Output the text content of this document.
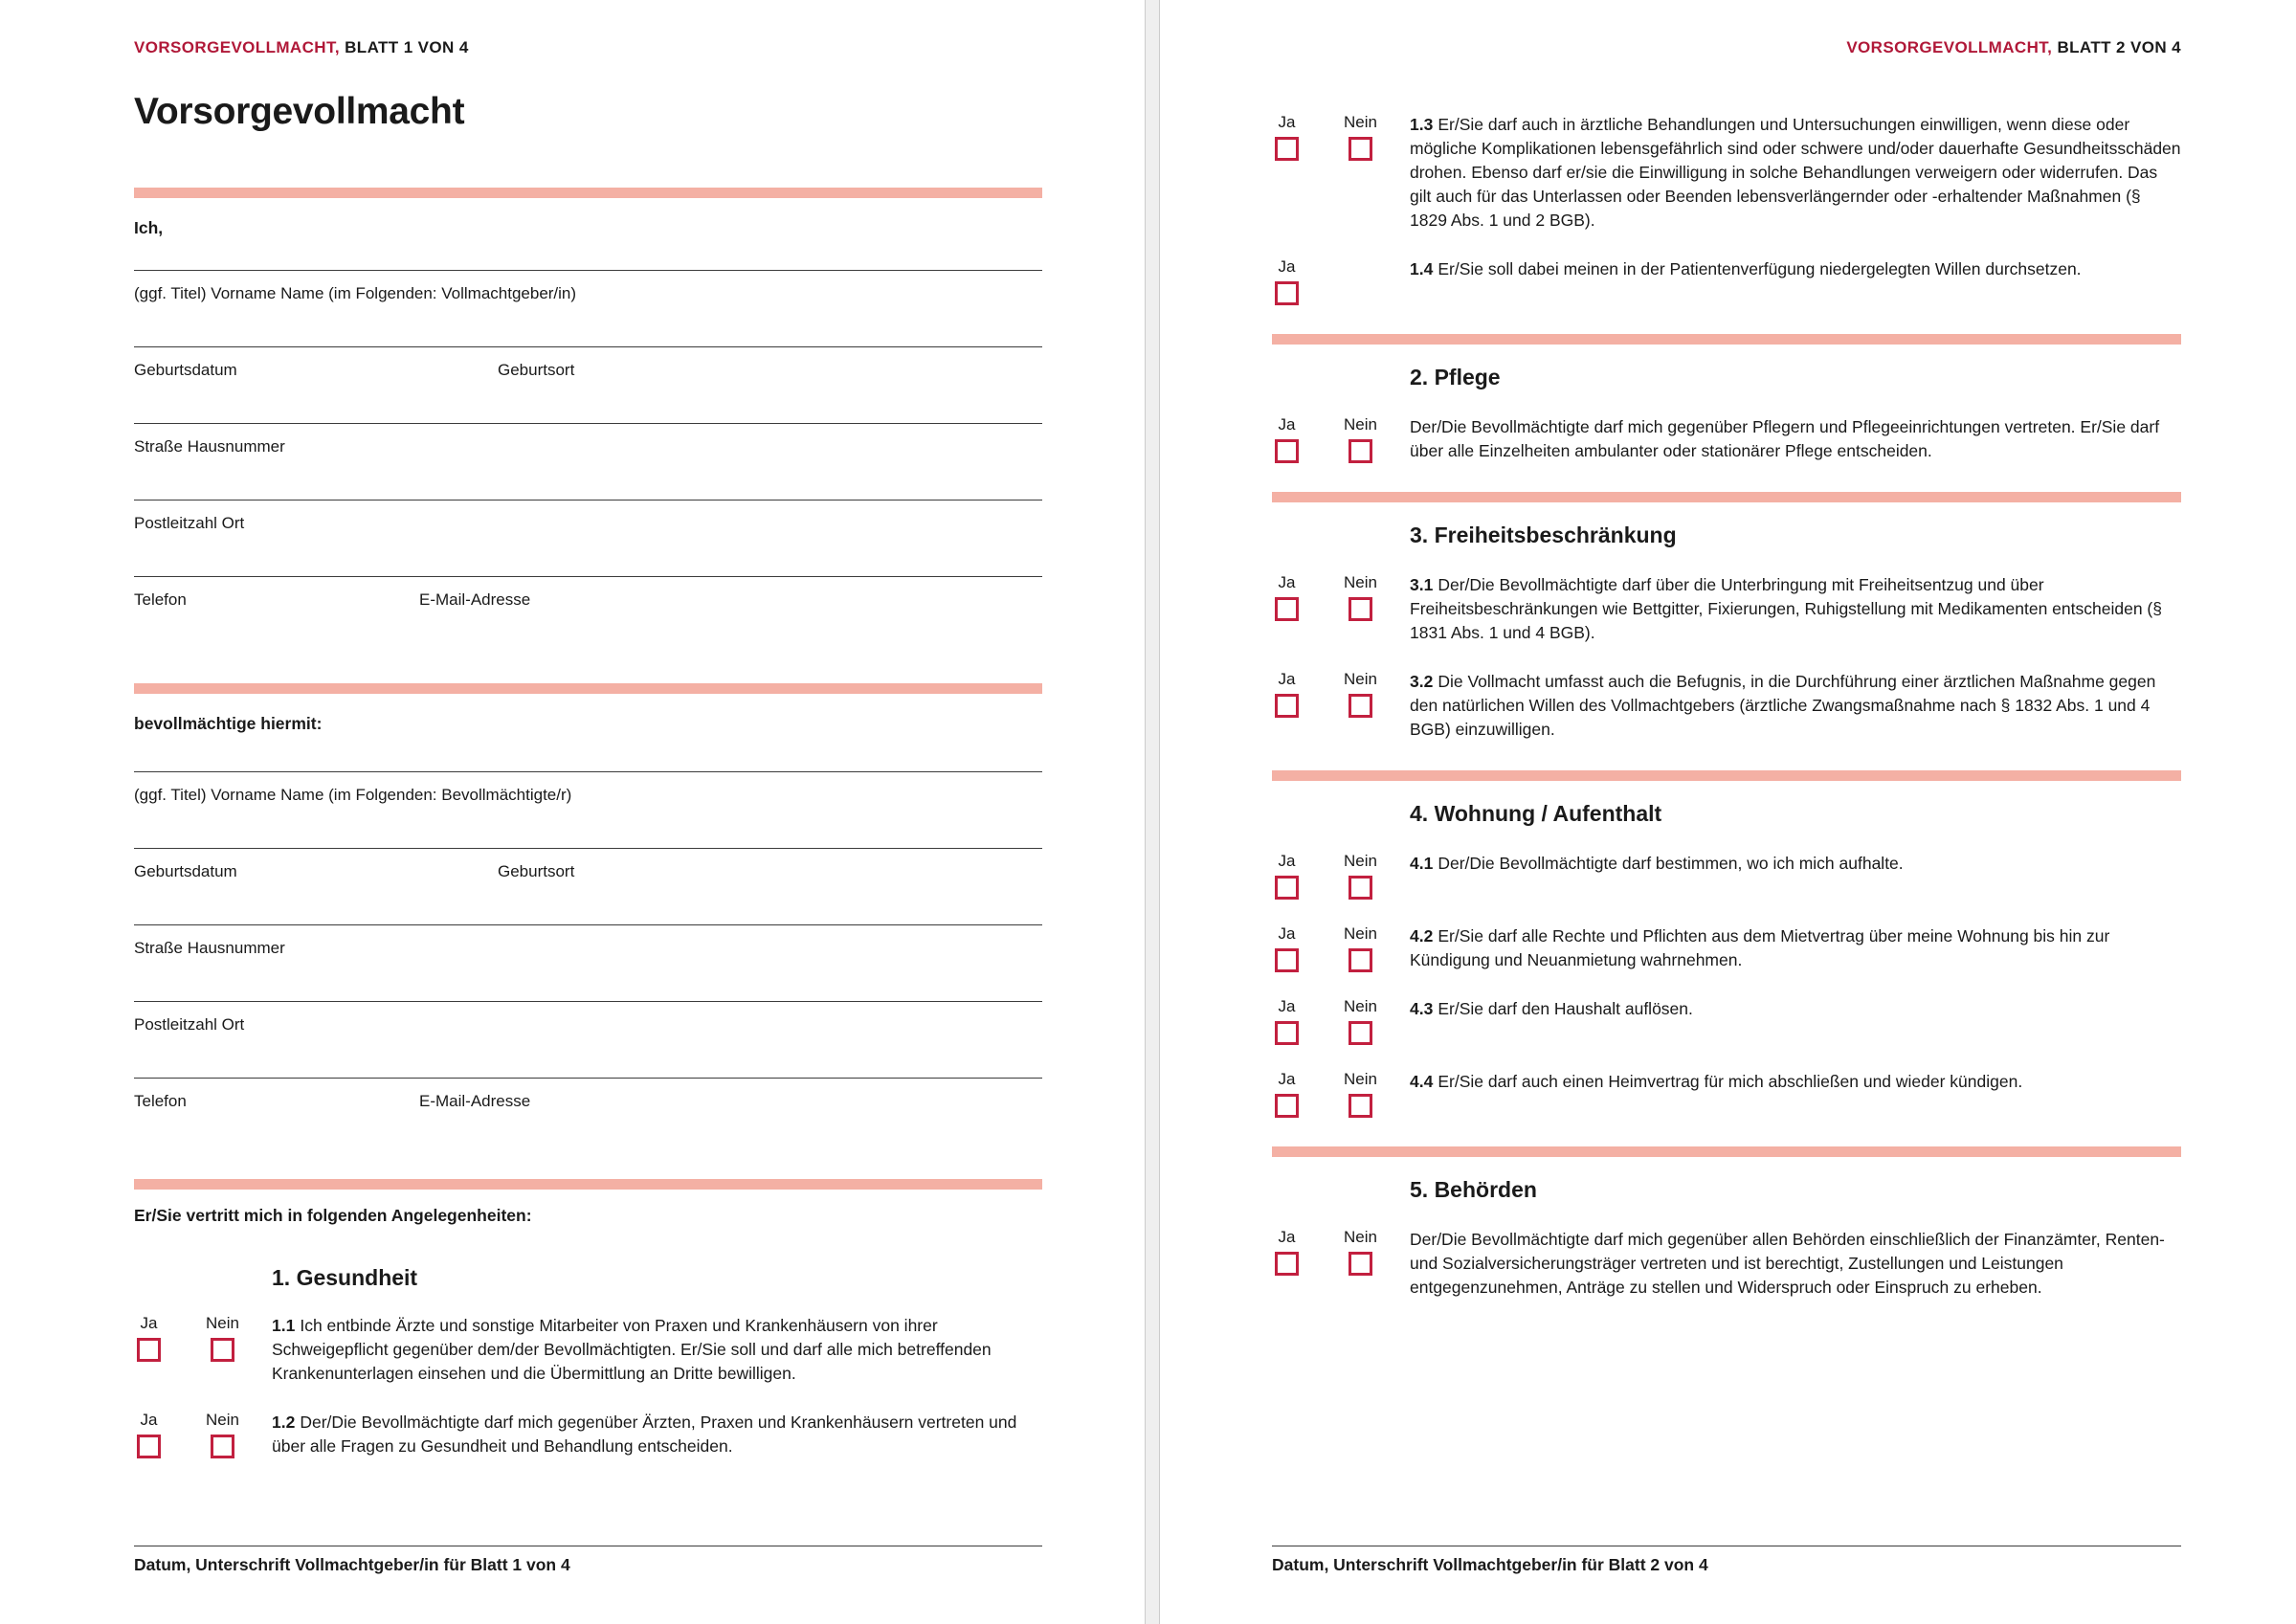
VORSORGEVOLLMACHT, BLATT 1 VON 4
Vorsorgevollmacht
Ich,
(ggf. Titel) Vorname Name (im Folgenden: Vollmachtgeber/in)
Geburtsdatum	Geburtsort
Straße Hausnummer
Postleitzahl Ort
Telefon	E-Mail-Adresse
bevollmächtige hiermit:
(ggf. Titel) Vorname Name (im Folgenden: Bevollmächtigte/r)
Geburtsdatum	Geburtsort
Straße Hausnummer
Postleitzahl Ort
Telefon	E-Mail-Adresse
Er/Sie vertritt mich in folgenden Angelegenheiten:
1. Gesundheit
Ja	Nein 1.1 Ich entbinde Ärzte und sonstige Mitarbeiter von Praxen und Krankenhäusern von ihrer Schweigepflicht gegenüber dem/der Bevollmächtigten. Er/Sie soll und darf alle mich betreffenden Krankenunterlagen einsehen und die Übermittlung an Dritte bewilligen.
Ja	Nein 1.2 Der/Die Bevollmächtigte darf mich gegenüber Ärzten, Praxen und Krankenhäusern vertreten und über alle Fragen zu Gesundheit und Behandlung entscheiden.
Datum, Unterschrift Vollmachtgeber/in für Blatt 1 von 4
VORSORGEVOLLMACHT, BLATT 2 VON 4
Ja	Nein 1.3 Er/Sie darf auch in ärztliche Behandlungen und Untersuchungen einwilligen, wenn diese oder mögliche Komplikationen lebensgefährlich sind oder schwere und/oder dauerhafte Gesundheitsschäden drohen. Ebenso darf er/sie die Einwilligung in solche Behandlungen verweigern oder widerrufen. Das gilt auch für das Unterlassen oder Beenden lebensverlängernder oder -erhaltender Maßnahmen (§ 1829 Abs. 1 und 2 BGB).
Ja	1.4 Er/Sie soll dabei meinen in der Patientenverfügung niedergelegten Willen durchsetzen.
2. Pflege
Ja	Nein Der/Die Bevollmächtigte darf mich gegenüber Pflegern und Pflegeeinrichtungen vertreten. Er/Sie darf über alle Einzelheiten ambulanter oder stationärer Pflege entscheiden.
3. Freiheitsbeschränkung
Ja	Nein 3.1 Der/Die Bevollmächtigte darf über die Unterbringung mit Freiheitsentzug und über Freiheitsbeschränkungen wie Bettgitter, Fixierungen, Ruhigstellung mit Medikamenten entscheiden (§ 1831 Abs. 1 und 4 BGB).
Ja	Nein 3.2 Die Vollmacht umfasst auch die Befugnis, in die Durchführung einer ärztlichen Maßnahme gegen den natürlichen Willen des Vollmachtgebers (ärztliche Zwangsmaßnahme nach § 1832 Abs. 1 und 4 BGB) einzuwilligen.
4. Wohnung / Aufenthalt
Ja	Nein 4.1 Der/Die Bevollmächtigte darf bestimmen, wo ich mich aufhalte.
Ja	Nein 4.2 Er/Sie darf alle Rechte und Pflichten aus dem Mietvertrag über meine Wohnung bis hin zur Kündigung und Neuanmietung wahrnehmen.
Ja	Nein 4.3 Er/Sie darf den Haushalt auflösen.
Ja	Nein 4.4 Er/Sie darf auch einen Heimvertrag für mich abschließen und wieder kündigen.
5. Behörden
Ja	Nein Der/Die Bevollmächtigte darf mich gegenüber allen Behörden einschließlich der Finanzämter, Renten- und Sozialversicherungsträger vertreten und ist berechtigt, Zustellungen und Leistungen entgegenzunehmen, Anträge zu stellen und Widerspruch oder Einspruch zu erheben.
Datum, Unterschrift Vollmachtgeber/in für Blatt 2 von 4
